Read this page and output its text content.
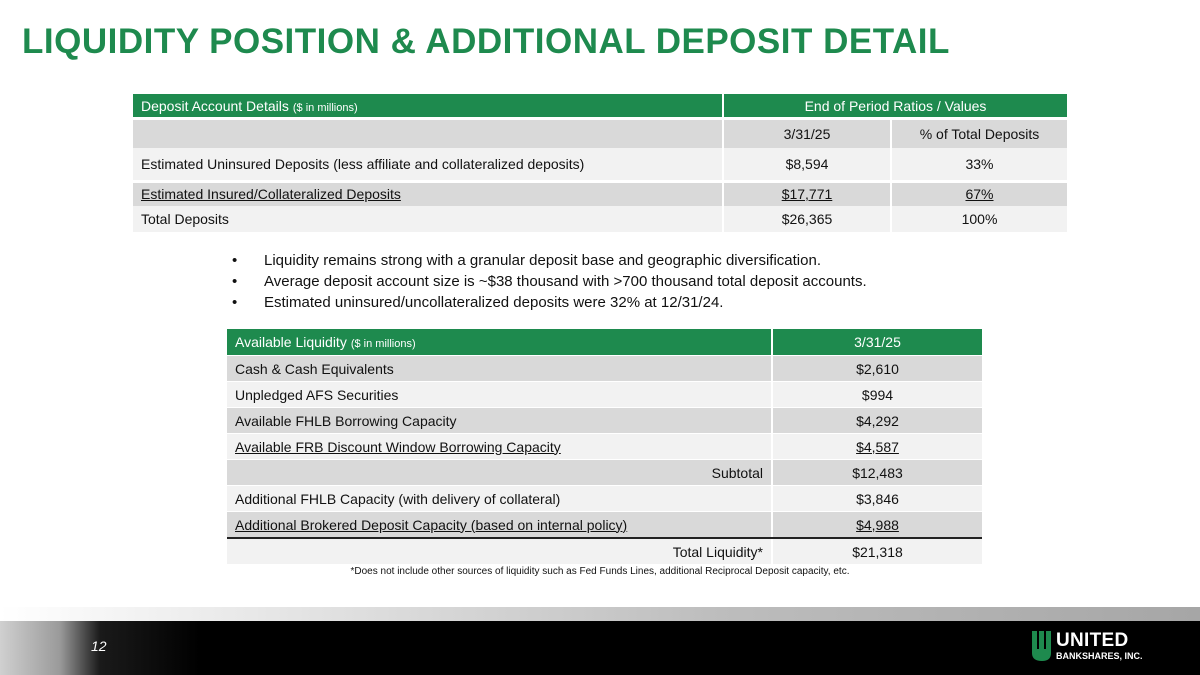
LIQUIDITY POSITION & ADDITIONAL DEPOSIT DETAIL
Deposit Account Details ($ in millions)	End of Period Ratios / Values	
	3/31/25	% of Total Deposits
Estimated Uninsured Deposits (less affiliate and collateralized deposits)	$8,594	33%
Estimated Insured/Collateralized Deposits	$17,771	67%
Total Deposits	$26,365	100%
•	Liquidity remains strong with a granular deposit base and geographic diversification.
•	Average deposit account size is ~$38 thousand with >700 thousand total deposit accounts.
•	Estimated uninsured/uncollateralized deposits were 32% at 12/31/24.
Available Liquidity ($ in millions)	3/31/25
Cash & Cash Equivalents	$2,610
Unpledged AFS Securities	$994
Available FHLB Borrowing Capacity	$4,292
Available FRB Discount Window Borrowing Capacity	$4,587
Subtotal	$12,483
Additional FHLB Capacity (with delivery of collateral)	$3,846
Additional Brokered Deposit Capacity (based on internal policy)	$4,988
Total Liquidity*	$21,318
*Does not include other sources of liquidity such as Fed Funds Lines, additional Reciprocal Deposit capacity, etc.
12	UNITED
BANKSHARES, INC.
